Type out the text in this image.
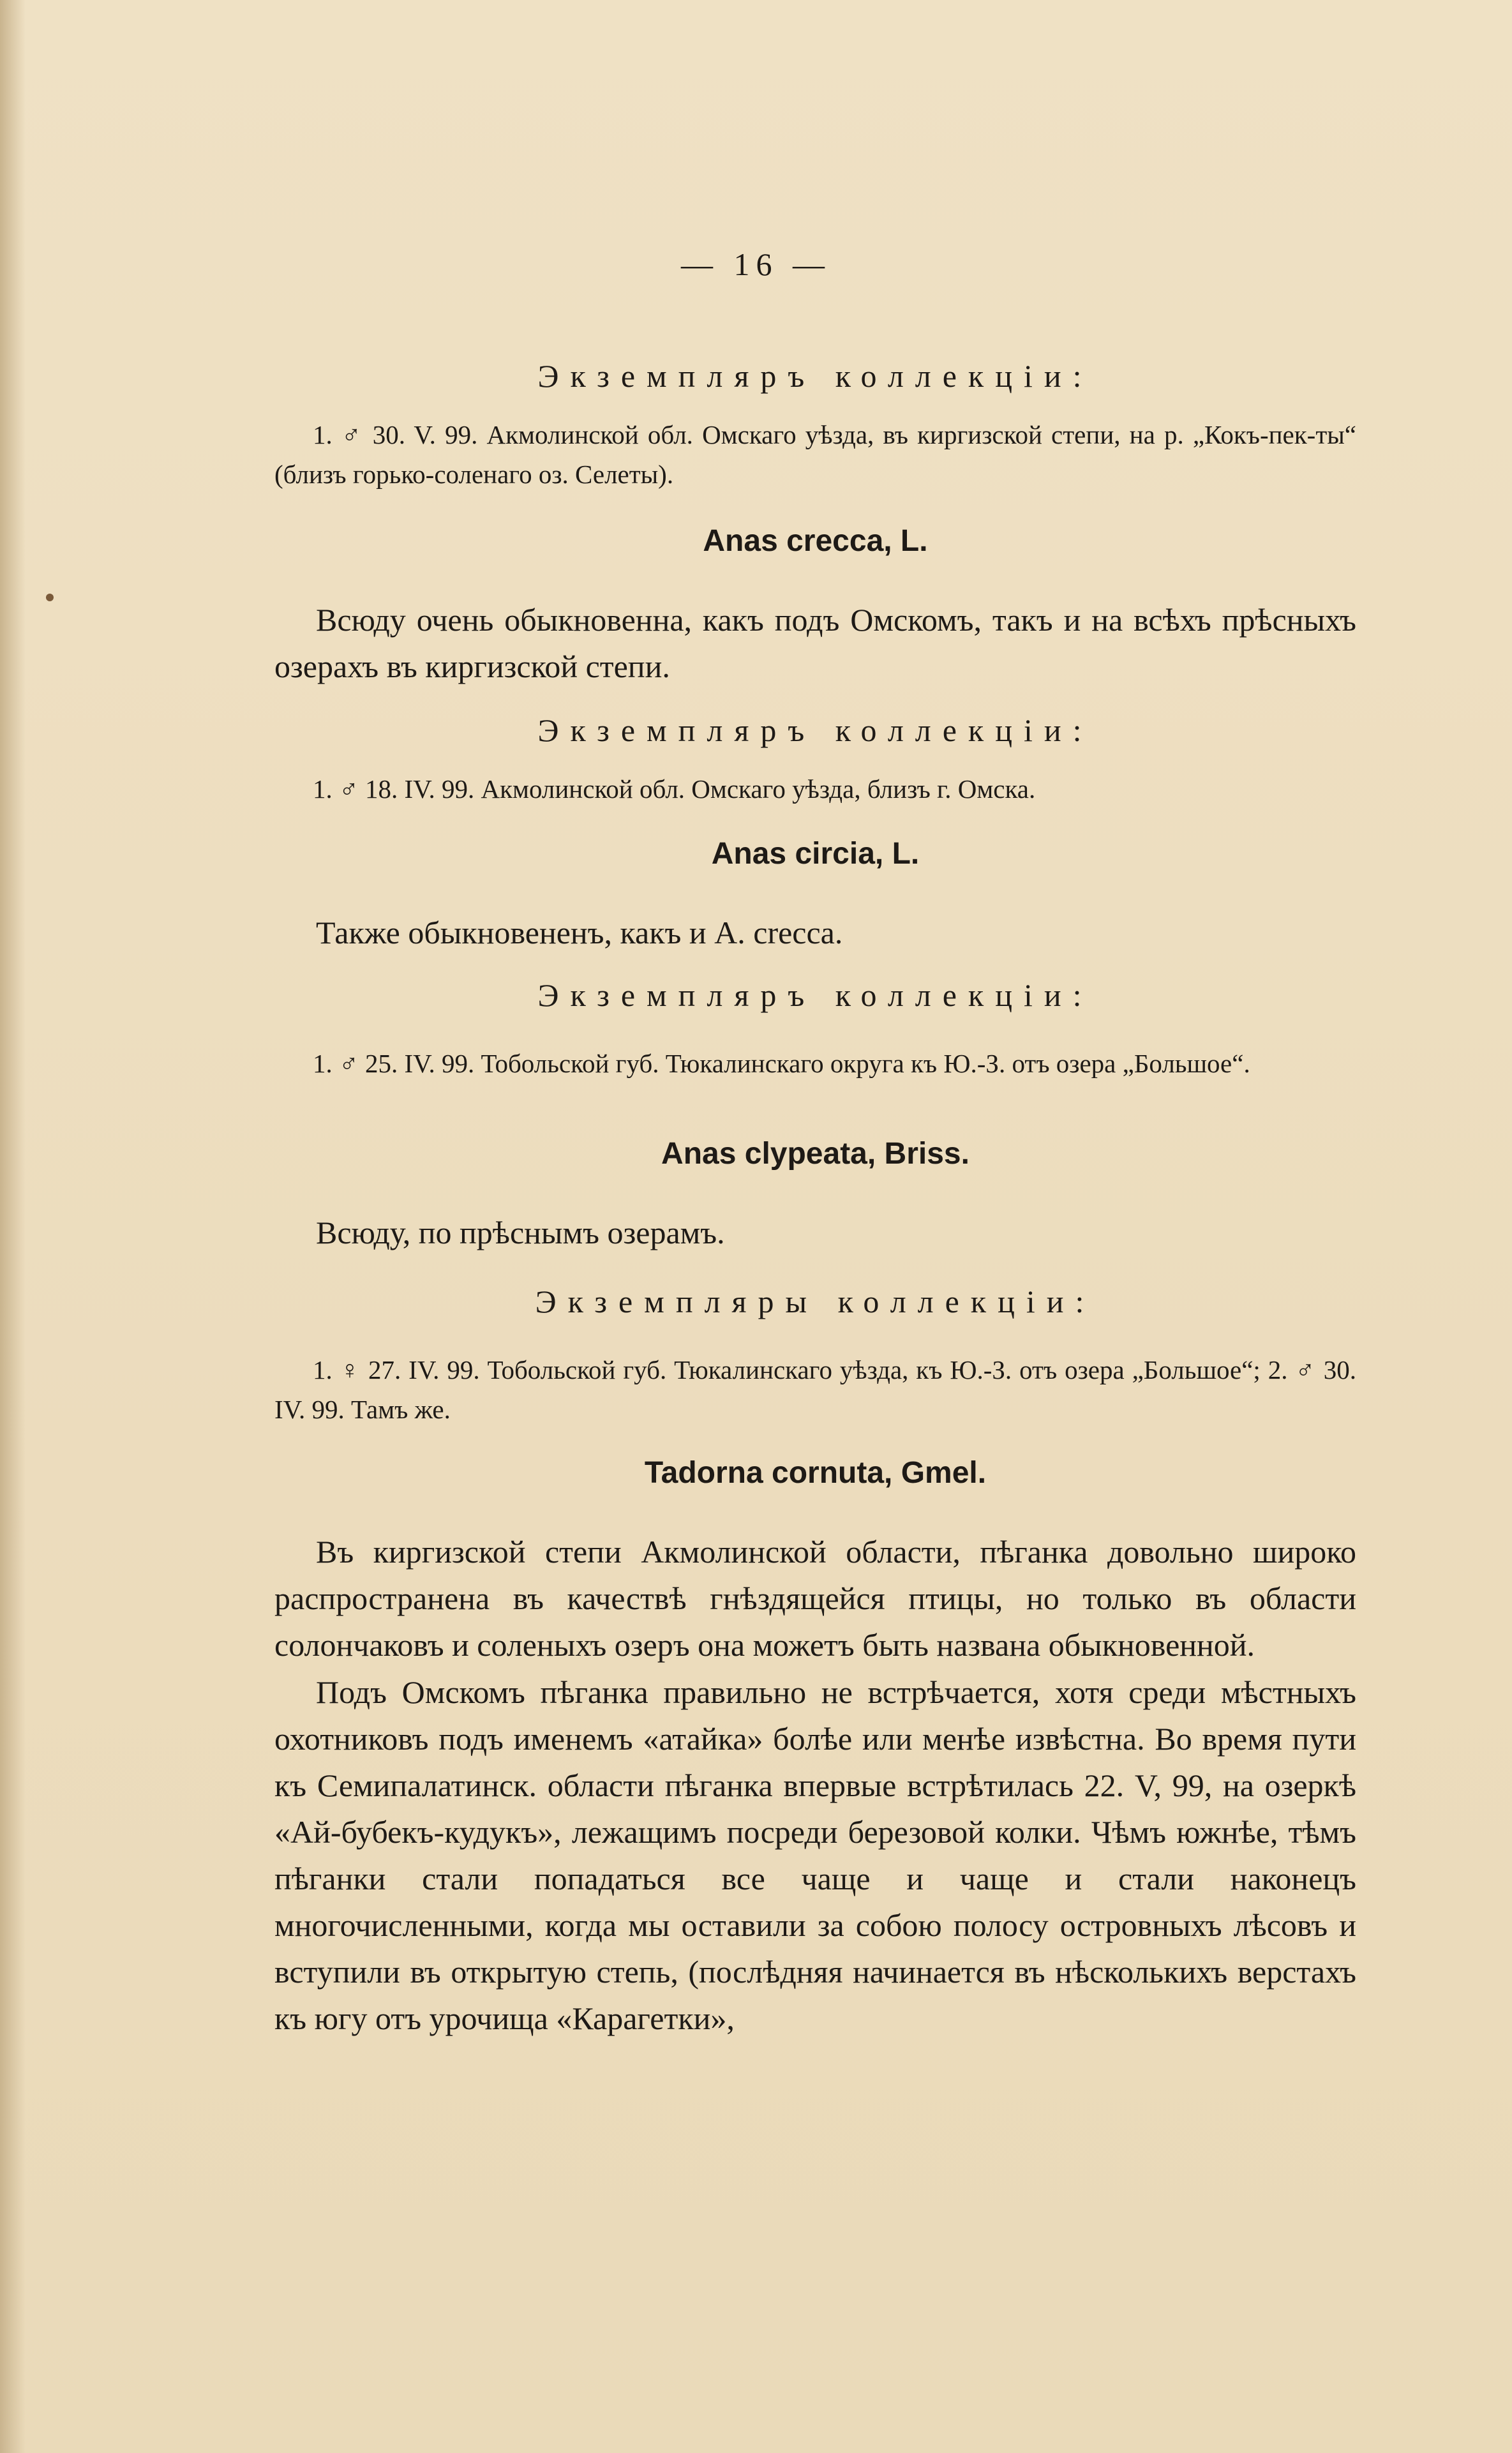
— 16 —
Экземпляръ коллекціи:

1. ♂ 30. V. 99. Акмолинской обл. Омскаго уѣзда, въ киргизской степи, на р. „Кокъ-пек-ты“ (близъ горько-соленаго оз. Селеты).

Anas crecca, L.

Всюду очень обыкновенна, какъ подъ Омскомъ, такъ и на всѣхъ прѣсныхъ озерахъ въ киргизской степи.

Экземпляръ коллекціи:

1. ♂ 18. IV. 99. Акмолинской обл. Омскаго уѣзда, близъ г. Омска.

Anas circia, L.

Также обыкновененъ, какъ и A. crecca.

Экземпляръ коллекціи:

1. ♂ 25. IV. 99. Тобольской губ. Тюкалинскаго округа къ Ю.-З. отъ озера „Большое“.

Anas clypeata, Briss.

Всюду, по прѣснымъ озерамъ.

Экземпляры коллекціи:

1. ♀ 27. IV. 99. Тобольской губ. Тюкалинскаго уѣзда, къ Ю.-З. отъ озера „Большое“; 2. ♂ 30. IV. 99. Тамъ же.

Tadorna cornuta, Gmel.

Въ киргизской степи Акмолинской области, пѣганка довольно широко распространена въ качествѣ гнѣздящейся птицы, но только въ области солончаковъ и соленыхъ озеръ она можетъ быть названа обыкновенной.

Подъ Омскомъ пѣганка правильно не встрѣчается, хотя среди мѣстныхъ охотниковъ подъ именемъ «атайка» болѣе или менѣе извѣстна. Во время пути къ Семипалатинск. области пѣганка впервые встрѣтилась 22. V, 99, на озеркѣ «Ай-бубекъ-кудукъ», лежащимъ посреди березовой колки. Чѣмъ южнѣе, тѣмъ пѣганки стали попадаться все чаще и чаще и стали наконецъ многочисленными, когда мы оставили за собою полосу островныхъ лѣсовъ и вступили въ открытую степь, (послѣдняя начинается въ нѣсколькихъ верстахъ къ югу отъ урочища «Карагетки»,
